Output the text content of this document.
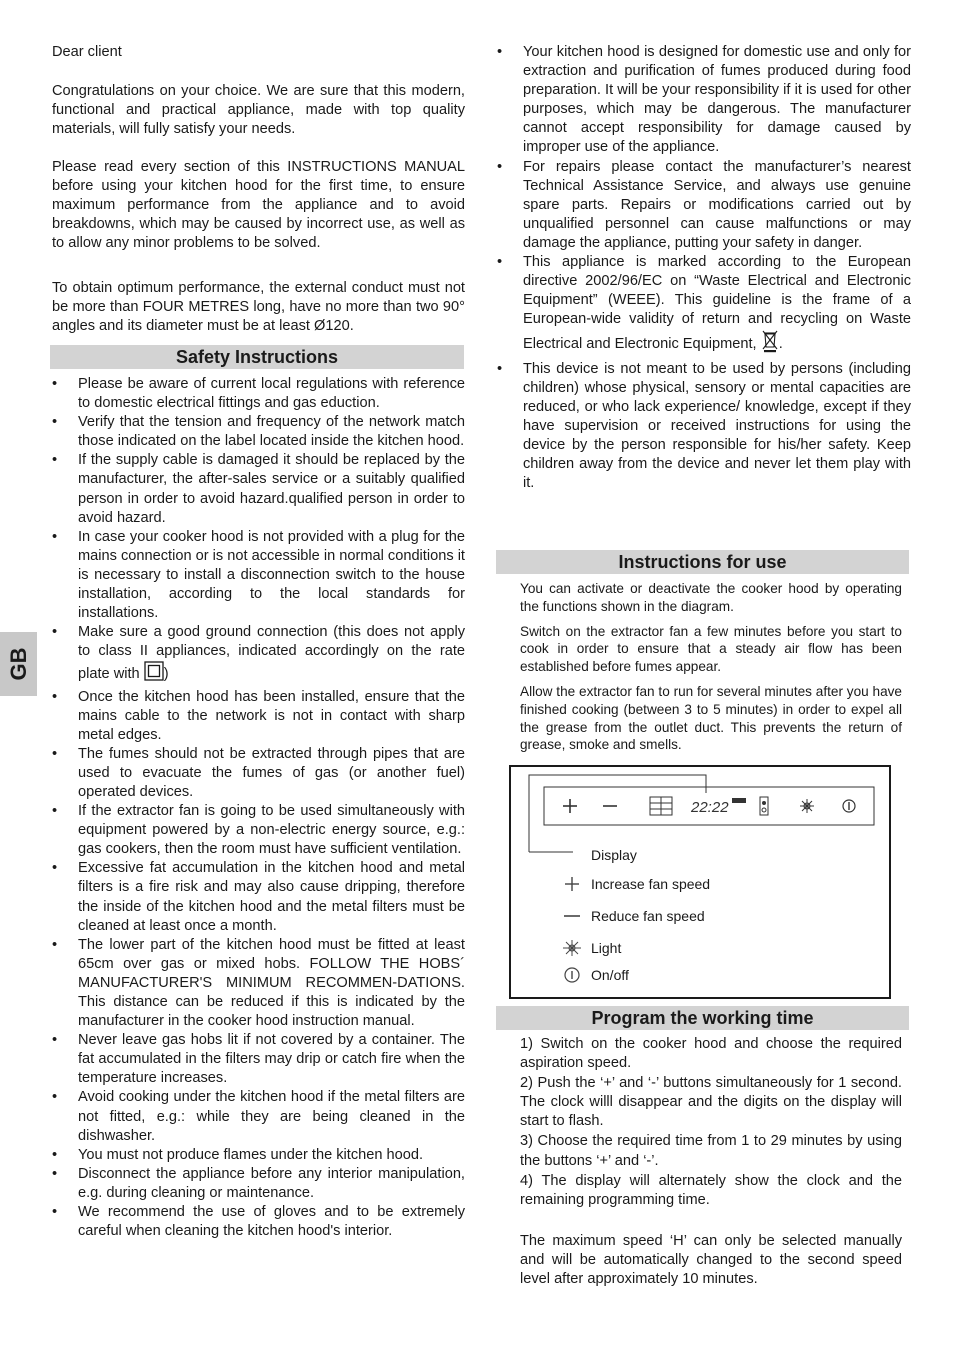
GB

Dear client

Congratulations on your choice. We are sure that this modern, functional and practical appliance, made with top quality materials, will fully satisfy your needs.

Please read every section of this INSTRUCTIONS MANUAL before using your kitchen hood for the first time, to ensure maximum performance from the appliance and to avoid breakdowns, which may be caused by incorrect use, as well as to allow any minor problems to be solved.

To obtain optimum performance, the external conduct must not be more than FOUR METRES long, have no more than two 90° angles and its diameter must be at least Ø120.

Safety Instructions
• Please be aware of current local regulations with reference to domestic electrical fittings and gas eduction.
• Verify that the tension and frequency of the network match those indicated on the label located inside the kitchen hood.
• If the supply cable is damaged it should be replaced by the manufacturer, the after-sales service or a suitably qualified person in order to avoid hazard.qualified person in order to avoid hazard.
• In case your cooker hood is not provided with a plug for the mains connection or is not accessible in normal conditions it is necessary to install a disconnection switch to the house installation, according to the local standards for installations.
• Make sure a good ground connection (this does not apply to class II appliances, indicated accordingly on the rate plate with )
• Once the kitchen hood has been installed, ensure that the mains cable to the network is not in contact with sharp metal edges.
• The fumes should not be extracted through pipes that are used to evacuate the fumes of gas (or another fuel) operated devices.
• If the extractor fan is going to be used simultaneously with equipment powered by a non-electric energy source, e.g.: gas cookers, then the room must have sufficient ventilation.
• Excessive fat accumulation in the kitchen hood and metal filters is a fire risk and may also cause dripping, therefore the inside of the kitchen hood and the metal filters must be cleaned at least once a month.
• The lower part of the kitchen hood must be fitted at least 65cm over gas or mixed hobs. FOLLOW THE HOBS´ MANUFACTURER'S MINIMUM RECOMMEN-DATIONS. This distance can be reduced if this is indicated by the manufacturer in the cooker hood instruction manual.
• Never leave gas hobs lit if not covered by a container. The fat accumulated in the filters may drip or catch fire when the temperature increases.
• Avoid cooking under the kitchen hood if the metal filters are not fitted, e.g.: while they are being cleaned in the dishwasher.
• You must not produce flames under the kitchen hood.
• Disconnect the appliance before any interior manipulation, e.g. during cleaning or maintenance.
• We recommend the use of gloves and to be extremely careful when cleaning the kitchen hood's interior.
• Your kitchen hood is designed for domestic use and only for extraction and purification of fumes produced during food preparation. It will be your responsibility if it is used for other purposes, which may be dangerous. The manufacturer cannot accept responsibility for damage caused by improper use of the appliance.
• For repairs please contact the manufacturer’s nearest Technical Assistance Service, and always use genuine spare parts. Repairs or modifications carried out by unqualified personnel can cause malfunctions or may damage the appliance, putting your safety in danger.
• This appliance is marked according to the European directive 2002/96/EC on “Waste Electrical and Electronic Equipment” (WEEE). This guideline is the frame of a European-wide validity of return and recycling on Waste Electrical and Electronic Equipment, .
• This device is not meant to be used by persons (including children) whose physical, sensory or mental capacities are reduced, or who lack experience/ knowledge, except if they have supervision or received instructions for using the device by the person responsible for his/her safety. Keep children away from the device and never let them play with it.
Instructions for use

You can activate or deactivate the cooker hood by operating the functions shown in the diagram.

Switch on the extractor fan a few minutes before you start to cook in order to ensure that a steady air flow has been established before fumes appear.

Allow the extractor fan to run for several minutes after you have finished cooking (between 3 to 5 minutes) in order to expel all the grease from the outlet duct. This prevents the return of grease, smoke and smells.

Program the working time

1) Switch on the cooker hood and choose the required aspiration speed.

2) Push the ‘+’ and ‘-’ buttons simultaneously for 1 second. The clock willl disappear and the digits on the display will start to flash.

3) Choose the required time from 1 to 29 minutes by using the buttons ‘+’ and ‘-’.

4) The display will alternately show the clock and the remaining programming time.

The maximum speed ‘H’ can only be selected manually and will be automatically changed to the second speed level after approximately 10 minutes.

22:22
Display
Increase fan speed
Reduce fan speed
Light
On/off
